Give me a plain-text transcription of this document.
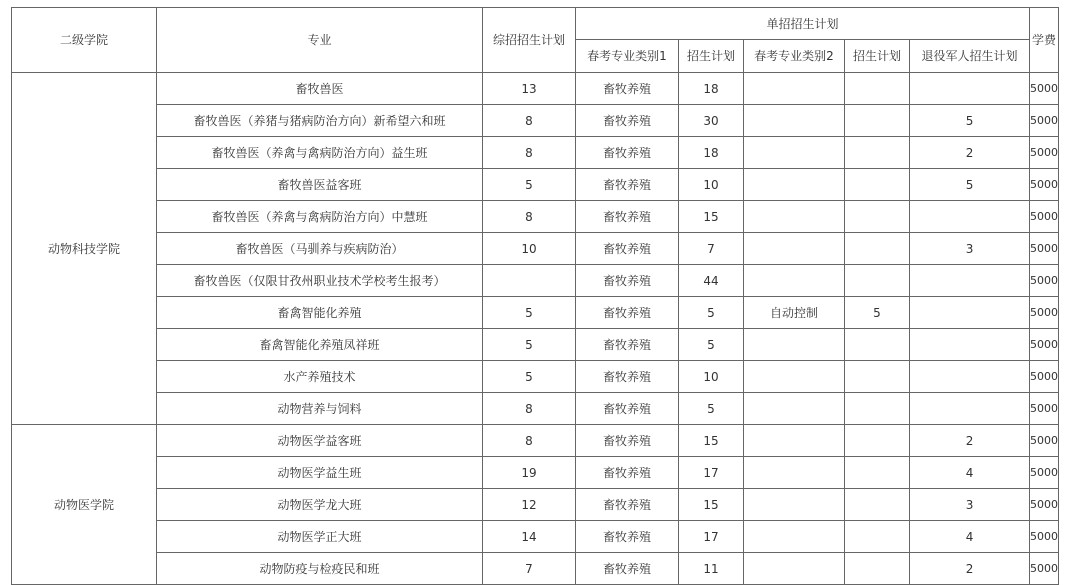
二级学院	专业	综招招生计划	单招招生计划					学费
			春考专业类别1	招生计划	春考专业类别2	招生计划	退役军人招生计划	
动物科技学院	畜牧兽医	13	畜牧养殖	18				5000
	畜牧兽医（养猪与猪病防治方向）新希望六和班	8	畜牧养殖	30			5	5000
	畜牧兽医（养禽与禽病防治方向）益生班	8	畜牧养殖	18			2	5000
	畜牧兽医益客班	5	畜牧养殖	10			5	5000
	畜牧兽医（养禽与禽病防治方向）中慧班	8	畜牧养殖	15				5000
	畜牧兽医（马驯养与疾病防治）	10	畜牧养殖	7			3	5000
	畜牧兽医（仅限甘孜州职业技术学校考生报考）		畜牧养殖	44				5000
	畜禽智能化养殖	5	畜牧养殖	5	自动控制	5		5000
	畜禽智能化养殖凤祥班	5	畜牧养殖	5				5000
	水产养殖技术	5	畜牧养殖	10				5000
	动物营养与饲料	8	畜牧养殖	5				5000
动物医学院	动物医学益客班	8	畜牧养殖	15			2	5000
	动物医学益生班	19	畜牧养殖	17			4	5000
	动物医学龙大班	12	畜牧养殖	15			3	5000
	动物医学正大班	14	畜牧养殖	17			4	5000
	动物防疫与检疫民和班	7	畜牧养殖	11			2	5000
